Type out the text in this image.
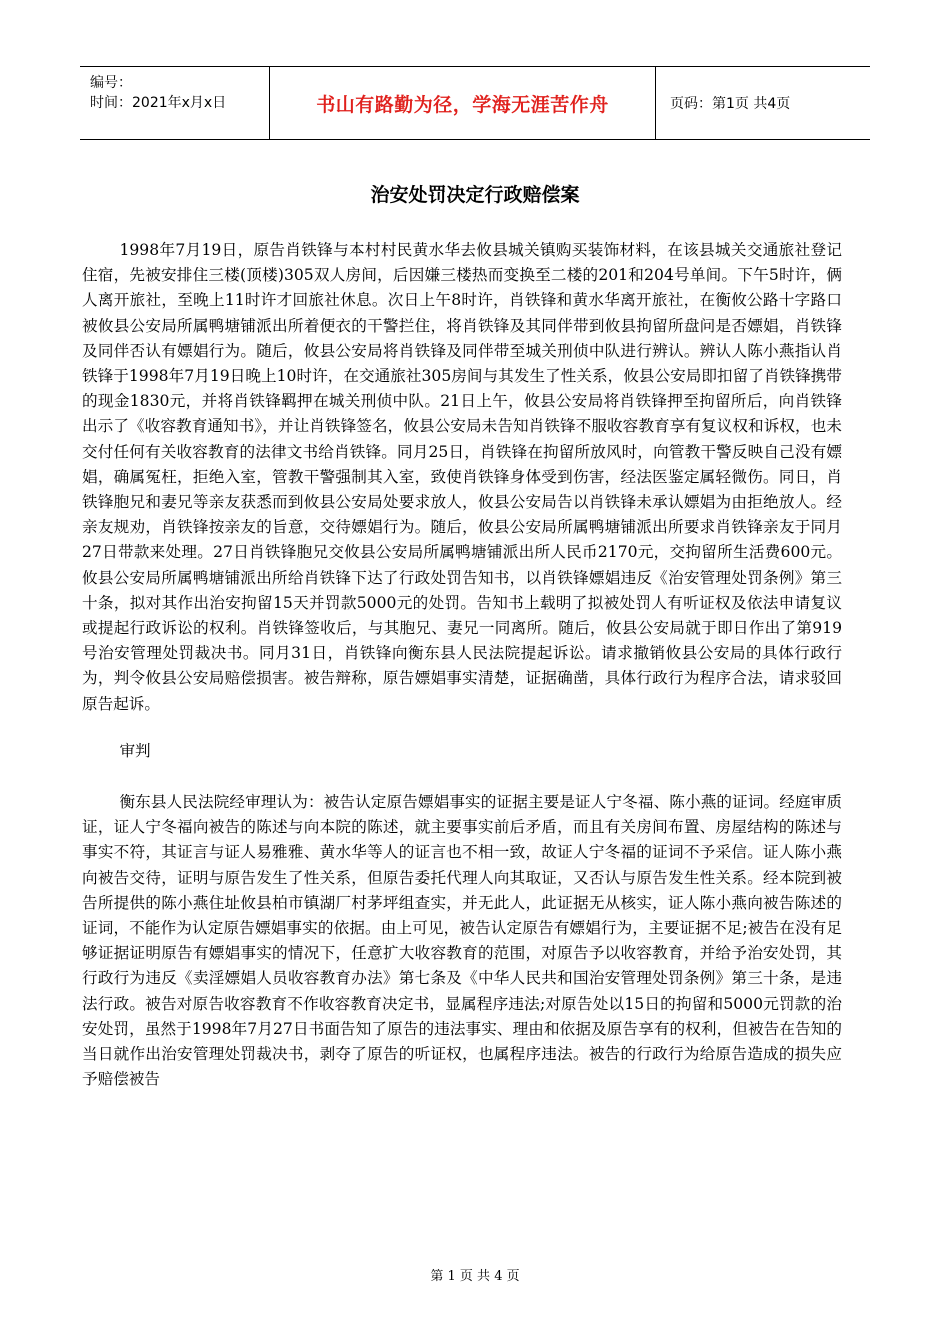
编号：
时间：2021年x月x日	书山有路勤为径，学海无涯苦作舟	页码：第1页 共4页
治安处罚决定行政赔偿案

1998年7月19日，原告肖铁锋与本村村民黄水华去攸县城关镇购买装饰材料，在该县城关交通旅社登记住宿，先被安排住三楼(顶楼)305双人房间，后因嫌三楼热而变换至二楼的201和204号单间。下午5时许，俩人离开旅社，至晚上11时许才回旅社休息。次日上午8时许，肖铁锋和黄水华离开旅社，在衡攸公路十字路口被攸县公安局所属鸭塘铺派出所着便衣的干警拦住，将肖铁锋及其同伴带到攸县拘留所盘问是否嫖娼，肖铁锋及同伴否认有嫖娼行为。随后，攸县公安局将肖铁锋及同伴带至城关刑侦中队进行辨认。辨认人陈小燕指认肖铁锋于1998年7月19日晚上10时许，在交通旅社305房间与其发生了性关系，攸县公安局即扣留了肖铁锋携带的现金1830元，并将肖铁锋羁押在城关刑侦中队。21日上午，攸县公安局将肖铁锋押至拘留所后，向肖铁锋出示了《收容教育通知书》，并让肖铁锋签名，攸县公安局未告知肖铁锋不服收容教育享有复议权和诉权，也未交付任何有关收容教育的法律文书给肖铁锋。同月25日，肖铁锋在拘留所放风时，向管教干警反映自己没有嫖娼，确属冤枉，拒绝入室，管教干警强制其入室，致使肖铁锋身体受到伤害，经法医鉴定属轻微伤。同日，肖铁锋胞兄和妻兄等亲友获悉而到攸县公安局处要求放人，攸县公安局告以肖铁锋未承认嫖娼为由拒绝放人。经亲友规劝，肖铁锋按亲友的旨意，交待嫖娼行为。随后，攸县公安局所属鸭塘铺派出所要求肖铁锋亲友于同月27日带款来处理。27日肖铁锋胞兄交攸县公安局所属鸭塘铺派出所人民币2170元，交拘留所生活费600元。攸县公安局所属鸭塘铺派出所给肖铁锋下达了行政处罚告知书，以肖铁锋嫖娼违反《治安管理处罚条例》第三十条，拟对其作出治安拘留15天并罚款5000元的处罚。告知书上载明了拟被处罚人有听证权及依法申请复议或提起行政诉讼的权利。肖铁锋签收后，与其胞兄、妻兄一同离所。随后，攸县公安局就于即日作出了第919号治安管理处罚裁决书。同月31日，肖铁锋向衡东县人民法院提起诉讼。请求撤销攸县公安局的具体行政行为，判令攸县公安局赔偿损害。被告辩称，原告嫖娼事实清楚，证据确凿，具体行政行为程序合法，请求驳回原告起诉。

审判

衡东县人民法院经审理认为：被告认定原告嫖娼事实的证据主要是证人宁冬福、陈小燕的证词。经庭审质证，证人宁冬福向被告的陈述与向本院的陈述，就主要事实前后矛盾，而且有关房间布置、房屋结构的陈述与事实不符，其证言与证人易雅雅、黄水华等人的证言也不相一致，故证人宁冬福的证词不予采信。证人陈小燕向被告交待，证明与原告发生了性关系，但原告委托代理人向其取证，又否认与原告发生性关系。经本院到被告所提供的陈小燕住址攸县柏市镇湖厂村茅坪组查实，并无此人，此证据无从核实，证人陈小燕向被告陈述的证词，不能作为认定原告嫖娼事实的依据。由上可见，被告认定原告有嫖娼行为，主要证据不足;被告在没有足够证据证明原告有嫖娼事实的情况下，任意扩大收容教育的范围，对原告予以收容教育，并给予治安处罚，其行政行为违反《卖淫嫖娼人员收容教育办法》第七条及《中华人民共和国治安管理处罚条例》第三十条，是违法行政。被告对原告收容教育不作收容教育决定书，显属程序违法;对原告处以15日的拘留和5000元罚款的治安处罚，虽然于1998年7月27日书面告知了原告的违法事实、理由和依据及原告享有的权利，但被告在告知的当日就作出治安管理处罚裁决书，剥夺了原告的听证权，也属程序违法。被告的行政行为给原告造成的损失应予赔偿被告

第 1 页 共 4 页
